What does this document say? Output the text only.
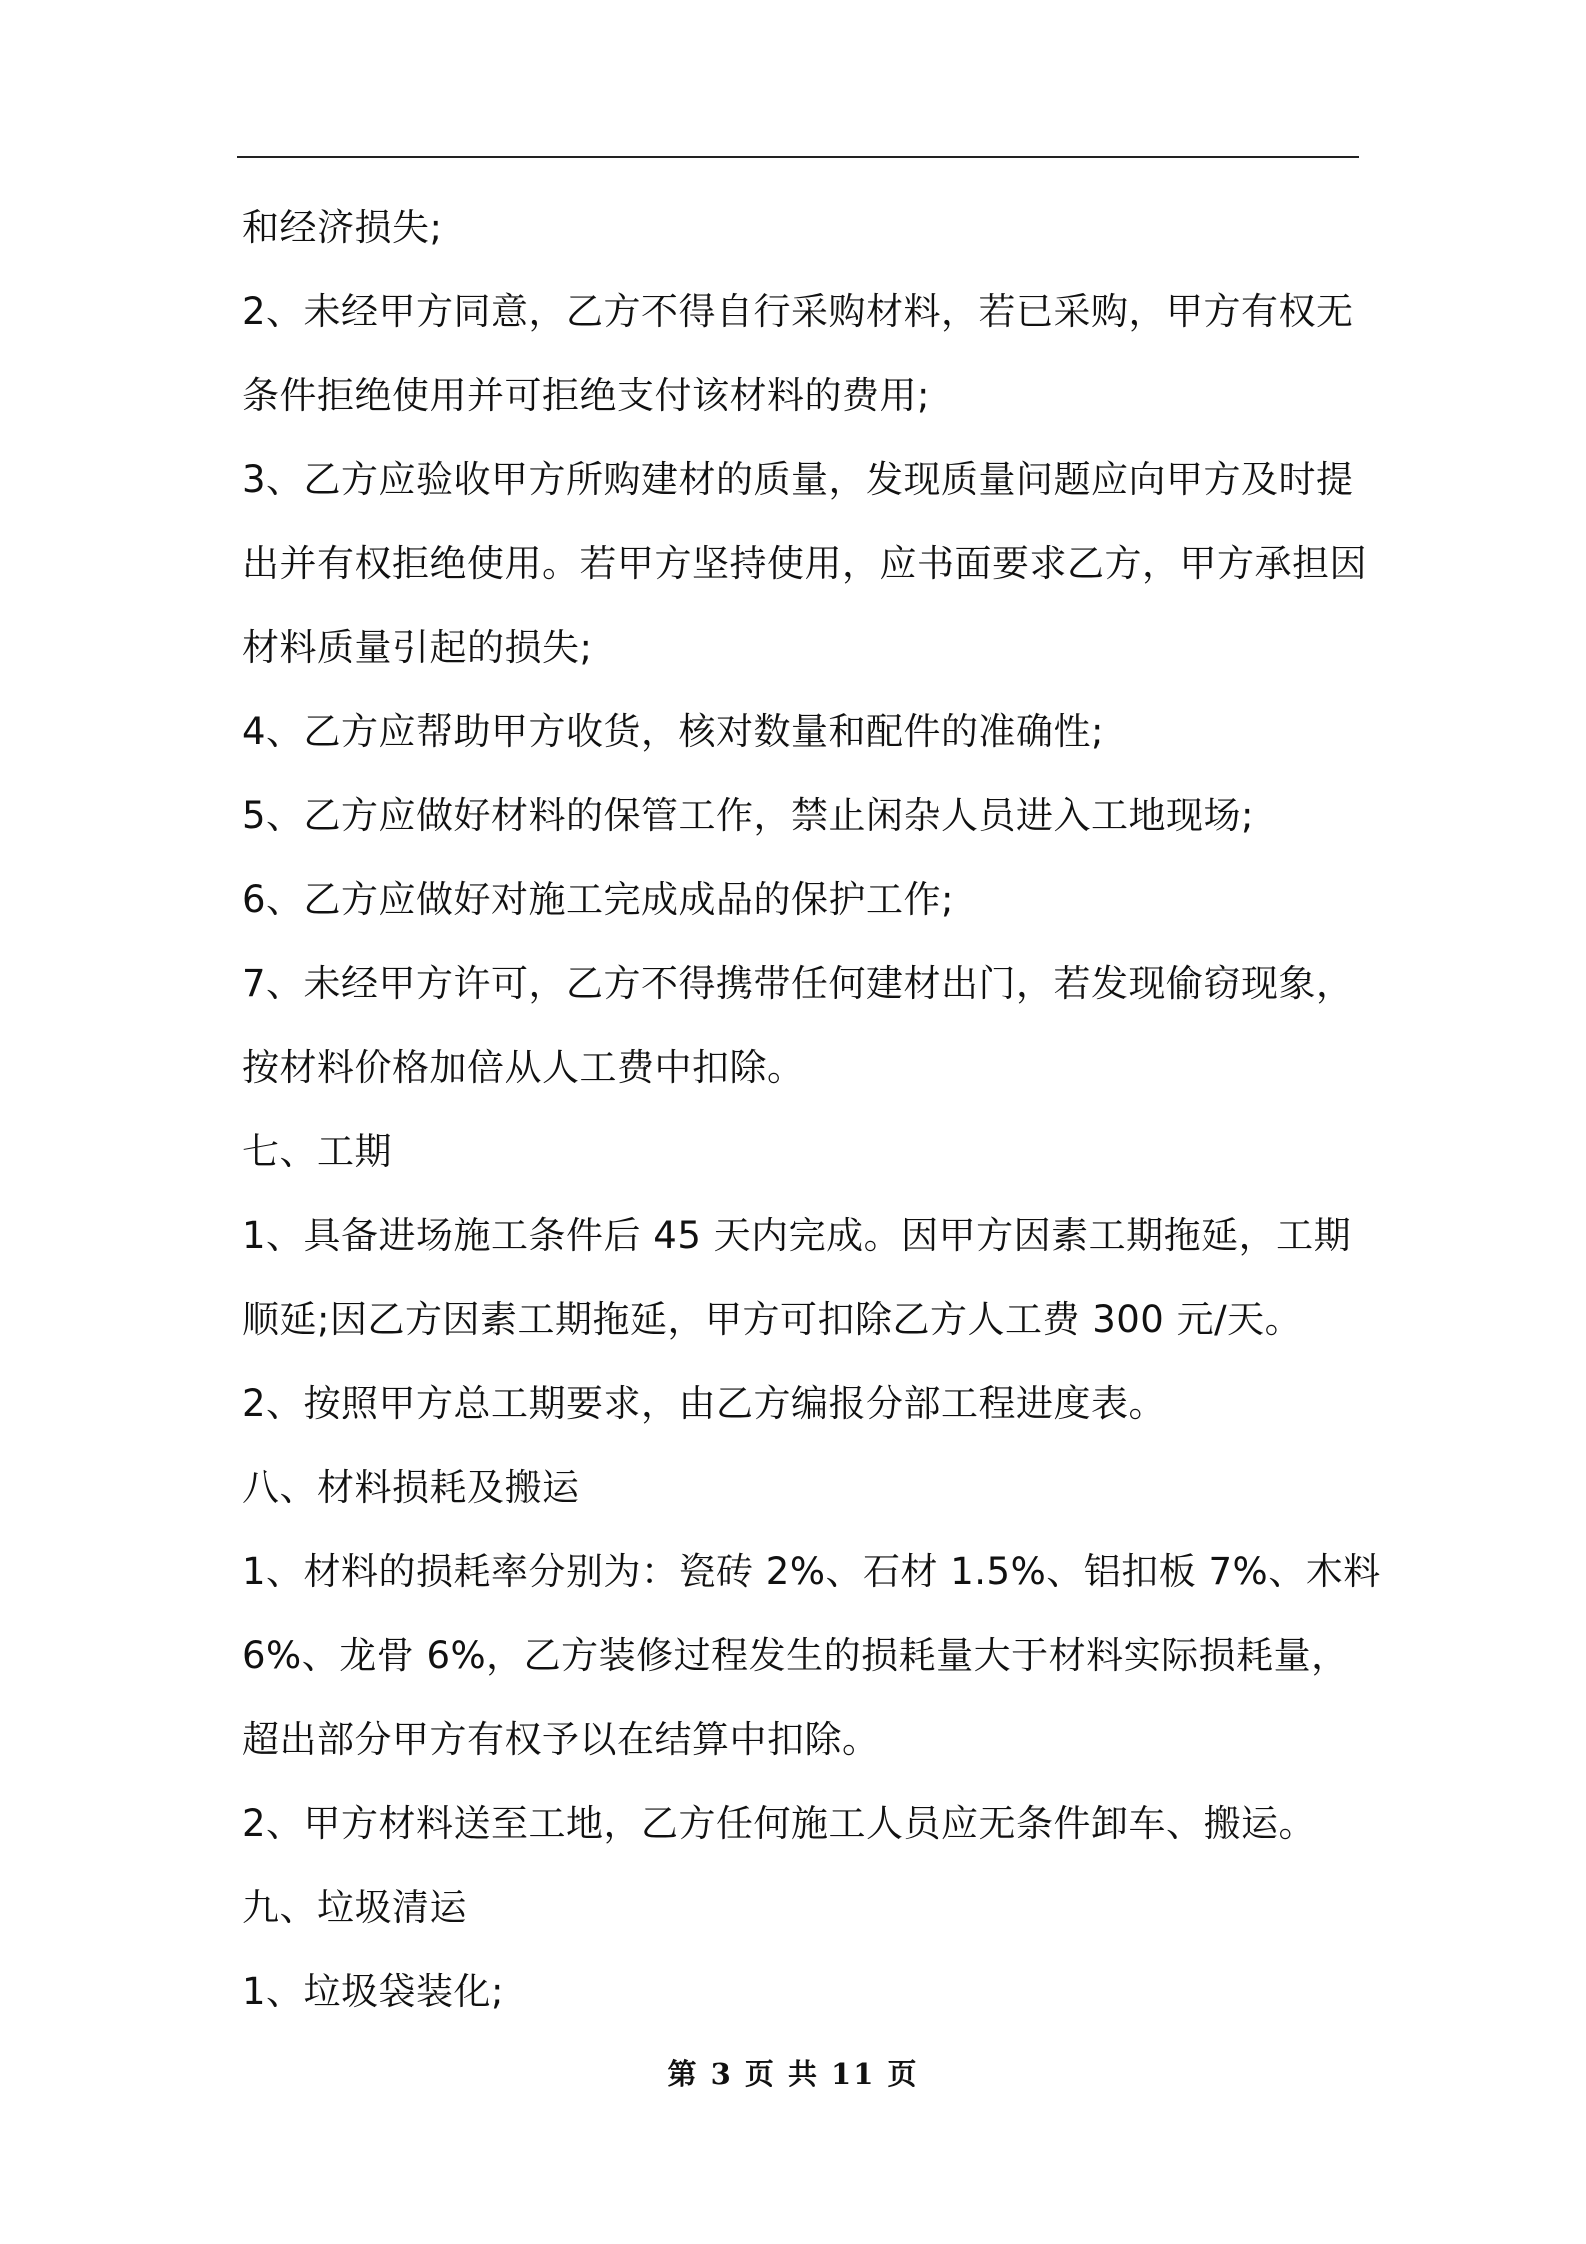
和经济损失;
2、未经甲方同意，乙方不得自行采购材料，若已采购，甲方有权无
条件拒绝使用并可拒绝支付该材料的费用;
3、乙方应验收甲方所购建材的质量，发现质量问题应向甲方及时提
出并有权拒绝使用。若甲方坚持使用，应书面要求乙方，甲方承担因
材料质量引起的损失;
4、乙方应帮助甲方收货，核对数量和配件的准确性;
5、乙方应做好材料的保管工作，禁止闲杂人员进入工地现场;
6、乙方应做好对施工完成成品的保护工作;
7、未经甲方许可，乙方不得携带任何建材出门，若发现偷窃现象，
按材料价格加倍从人工费中扣除。
七、工期
1、具备进场施工条件后 45 天内完成。因甲方因素工期拖延，工期
顺延;因乙方因素工期拖延，甲方可扣除乙方人工费 300 元/天。
2、按照甲方总工期要求，由乙方编报分部工程进度表。
八、材料损耗及搬运
1、材料的损耗率分别为：瓷砖 2%、石材 1.5%、铝扣板 7%、木料
6%、龙骨 6%，乙方装修过程发生的损耗量大于材料实际损耗量，
超出部分甲方有权予以在结算中扣除。
2、甲方材料送至工地，乙方任何施工人员应无条件卸车、搬运。
九、垃圾清运
1、垃圾袋装化;
第 3 页 共 11 页
